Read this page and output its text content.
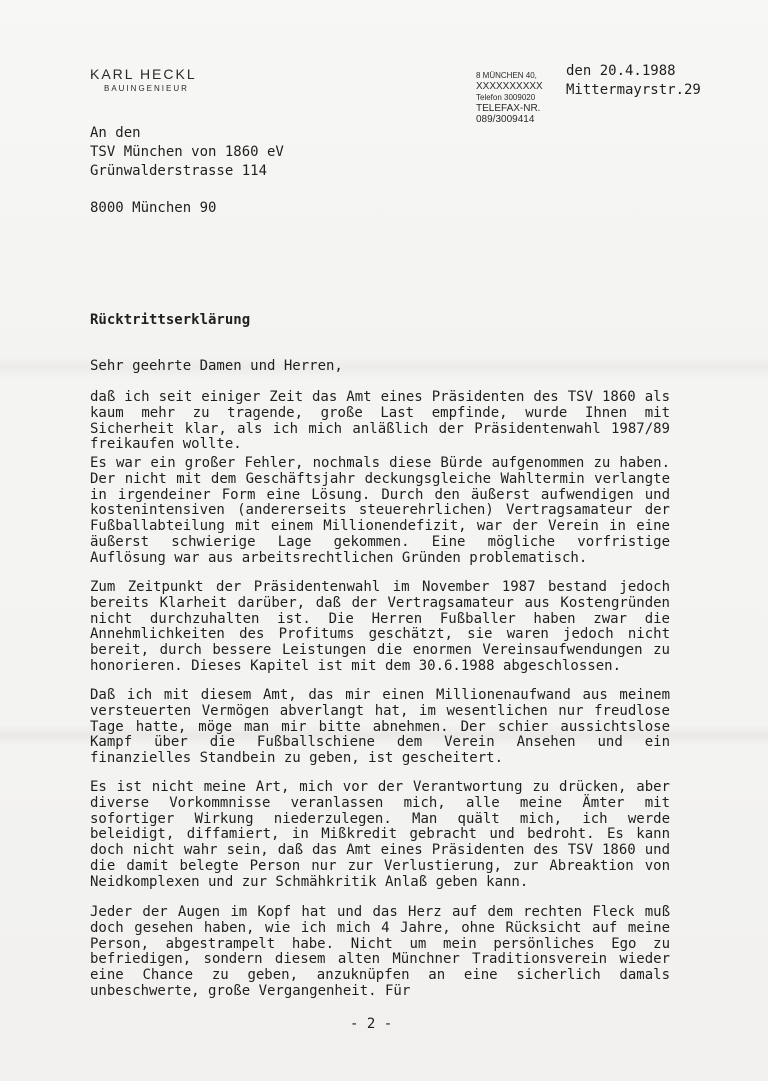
KARL HECKL
BAUINGENIEUR
8 MÜNCHEN 40,
XXXXXXXXXX
Telefon 3009020
TELEFAX-NR.
089/3009414
den 20.4.1988
Mittermayrstr.29
An den
TSV München von 1860 eV
Grünwalderstrasse 114
8000 München 90
Rücktrittserklärung
Sehr geehrte Damen und Herren,
daß ich seit einiger Zeit das Amt eines Präsidenten des TSV 1860 als kaum mehr zu tragende, große Last empfinde, wurde Ihnen mit Sicherheit klar, als ich mich anläßlich der Präsidentenwahl 1987/89 freikaufen wollte.
Es war ein großer Fehler, nochmals diese Bürde aufgenommen zu haben. Der nicht mit dem Geschäftsjahr deckungsgleiche Wahltermin verlangte in irgendeiner Form eine Lösung. Durch den äußerst aufwendigen und kostenintensiven (andererseits steuerehrlichen) Vertragsamateur der Fußballabteilung mit einem Millionendefizit, war der Verein in eine äußerst schwierige Lage gekommen. Eine mögliche vorfristige Auflösung war aus arbeitsrechtlichen Gründen problematisch.
Zum Zeitpunkt der Präsidentenwahl im November 1987 bestand jedoch bereits Klarheit darüber, daß der Vertragsamateur aus Kostengründen nicht durchzuhalten ist. Die Herren Fußballer haben zwar die Annehmlichkeiten des Profitums geschätzt, sie waren jedoch nicht bereit, durch bessere Leistungen die enormen Vereinsaufwendungen zu honorieren. Dieses Kapitel ist mit dem 30.6.1988 abgeschlossen.
Daß ich mit diesem Amt, das mir einen Millionenaufwand aus meinem versteuerten Vermögen abverlangt hat, im wesentlichen nur freudlose Tage hatte, möge man mir bitte abnehmen. Der schier aussichtslose Kampf über die Fußballschiene dem Verein Ansehen und ein finanzielles Standbein zu geben, ist gescheitert.
Es ist nicht meine Art, mich vor der Verantwortung zu drücken, aber diverse Vorkommnisse veranlassen mich, alle meine Ämter mit sofortiger Wirkung niederzulegen. Man quält mich, ich werde beleidigt, diffamiert, in Mißkredit gebracht und bedroht. Es kann doch nicht wahr sein, daß das Amt eines Präsidenten des TSV 1860 und die damit belegte Person nur zur Verlustierung, zur Abreaktion von Neidkomplexen und zur Schmähkritik Anlaß geben kann.
Jeder der Augen im Kopf hat und das Herz auf dem rechten Fleck muß doch gesehen haben, wie ich mich 4 Jahre, ohne Rücksicht auf meine Person, abgestrampelt habe. Nicht um mein persönliches Ego zu befriedigen, sondern diesem alten Münchner Traditionsverein wieder eine Chance zu geben, anzuknüpfen an eine sicherlich damals unbeschwerte, große Vergangenheit. Für
- 2 -
